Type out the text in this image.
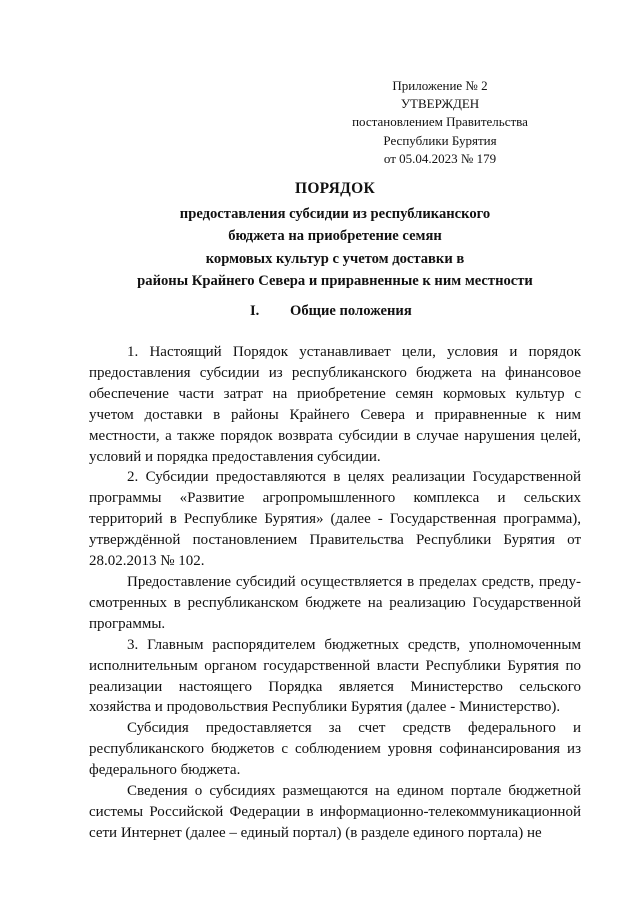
Приложение № 2
УТВЕРЖДЕН
постановлением Правительства
Республики Бурятия
от 05.04.2023 № 179
ПОРЯДОК
предоставления субсидии из республиканского
бюджета на приобретение семян
кормовых культур с учетом доставки в
районы Крайнего Севера и приравненные к ним местности
I. Общие положения

1. Настоящий Порядок устанавливает цели, условия и порядок предоставления субсидии из республиканского бюджета на финансовое обеспечение части затрат на приобретение семян кормовых культур с учетом доставки в районы Крайнего Севера и приравненные к ним местности, а также порядок возврата субсидии в случае нарушения целей, условий и порядка предоставления субсидии.

2. Субсидии предоставляются в целях реализации Государственной программы «Развитие агропромышленного комплекса и сельских территорий в Республике Бурятия» (далее - Государственная программа), утверждённой постановлением Правительства Республики Бурятия от 28.02.2013 № 102.

Предоставление субсидий осуществляется в пределах средств, предусмотренных в республиканском бюджете на реализацию Государственной программы.

3. Главным распорядителем бюджетных средств, уполномоченным исполнительным органом государственной власти Республики Бурятия по реализации настоящего Порядка является Министерство сельского хозяйства и продовольствия Республики Бурятия (далее - Министерство).

Субсидия предоставляется за счет средств федерального и республиканского бюджетов с соблюдением уровня софинансирования из федерального бюджета.

Сведения о субсидиях размещаются на едином портале бюджетной системы Российской Федерации в информационно-телекоммуникационной сети Интернет (далее – единый портал) (в разделе единого портала) не
